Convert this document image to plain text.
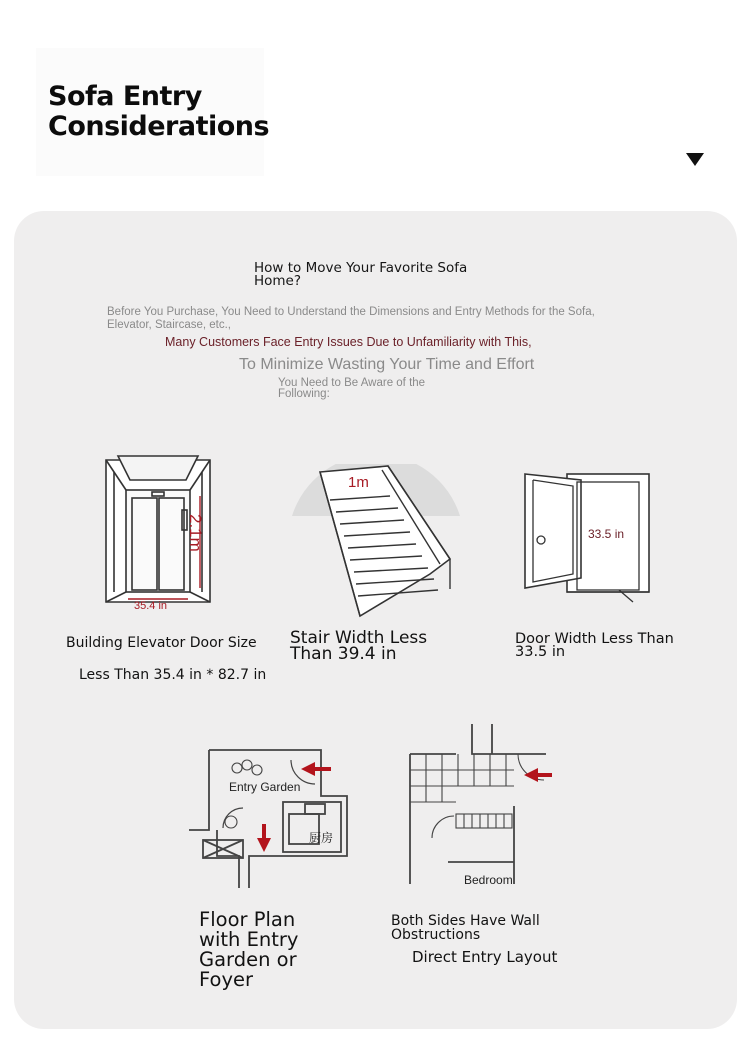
Sofa Entry Considerations
How to Move Your Favorite Sofa Home?
Before You Purchase, You Need to Understand the Dimensions and Entry Methods for the Sofa, Elevator, Staircase, etc.,
Many Customers Face Entry Issues Due to Unfamiliarity with This,
To Minimize Wasting Your Time and Effort
You Need to Be Aware of the Following:
2.1m
35.4 in
1m
33.5 in
Entry Garden
厨房
Bedroom
Building Elevator Door Size
Less Than 35.4 in * 82.7 in
Stair Width Less Than 39.4 in
Door Width Less Than 33.5 in
Floor Plan with Entry Garden or Foyer
Both Sides Have Wall Obstructions
Direct Entry Layout
